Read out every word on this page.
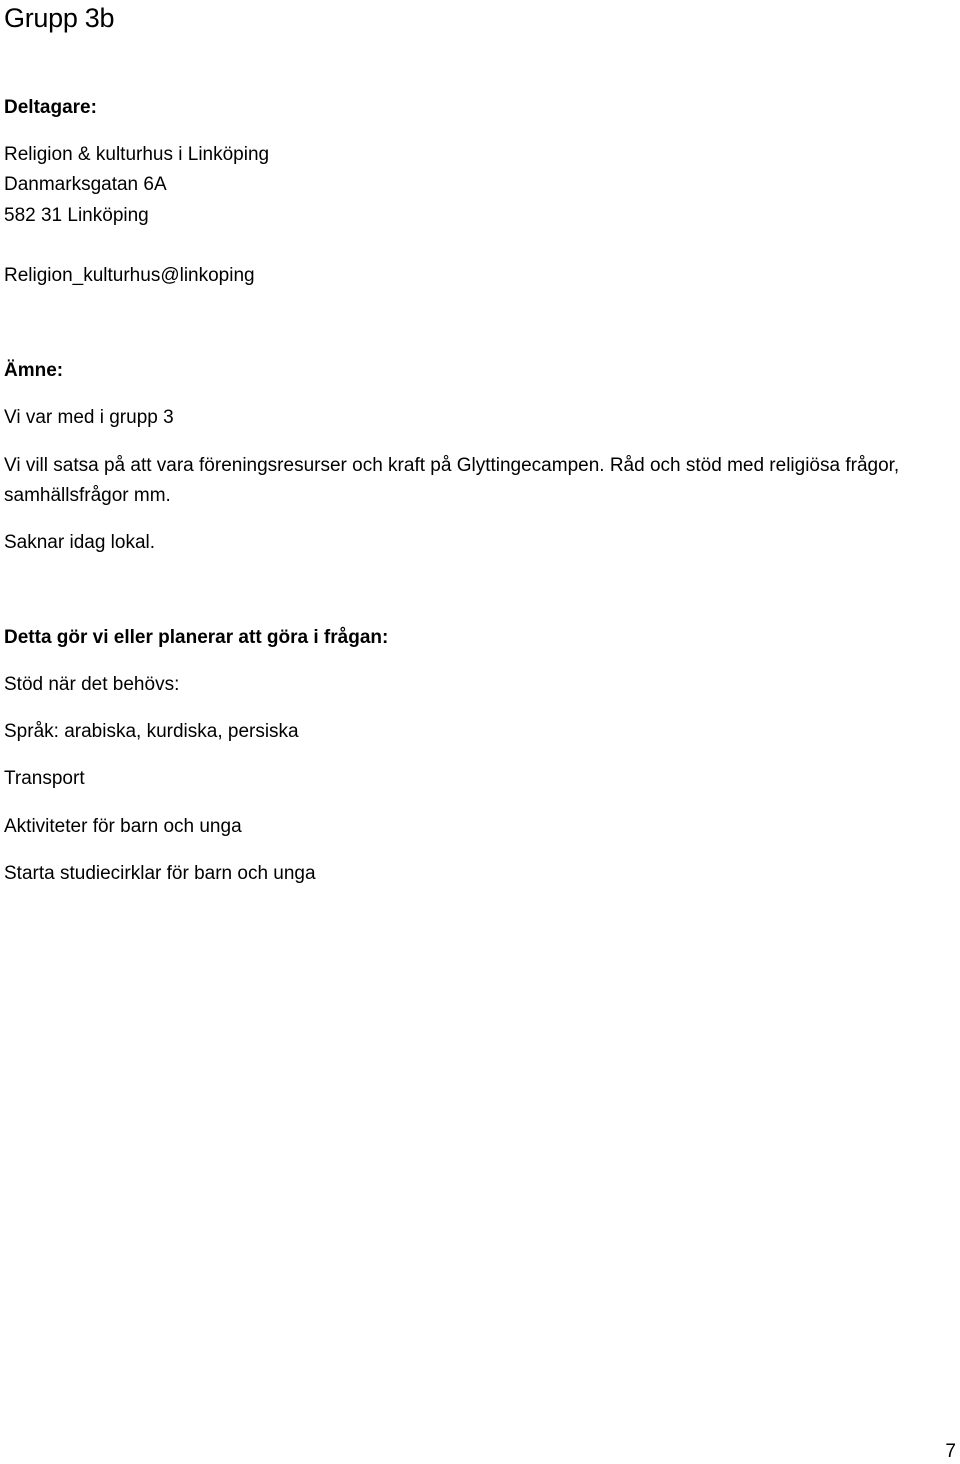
Grupp 3b

Deltagare:

Religion & kulturhus i Linköping

Danmarksgatan 6A

582 31 Linköping

Religion_kulturhus@linkoping

Ämne:

Vi var med i grupp 3

Vi vill satsa på att vara föreningsresurser och kraft på Glyttingecampen. Råd och stöd med religiösa frågor, samhällsfrågor mm.

Saknar idag lokal.

Detta gör vi eller planerar att göra i frågan:

Stöd när det behövs:

Språk: arabiska, kurdiska, persiska

Transport

Aktiviteter för barn och unga

Starta studiecirklar för barn och unga

7
